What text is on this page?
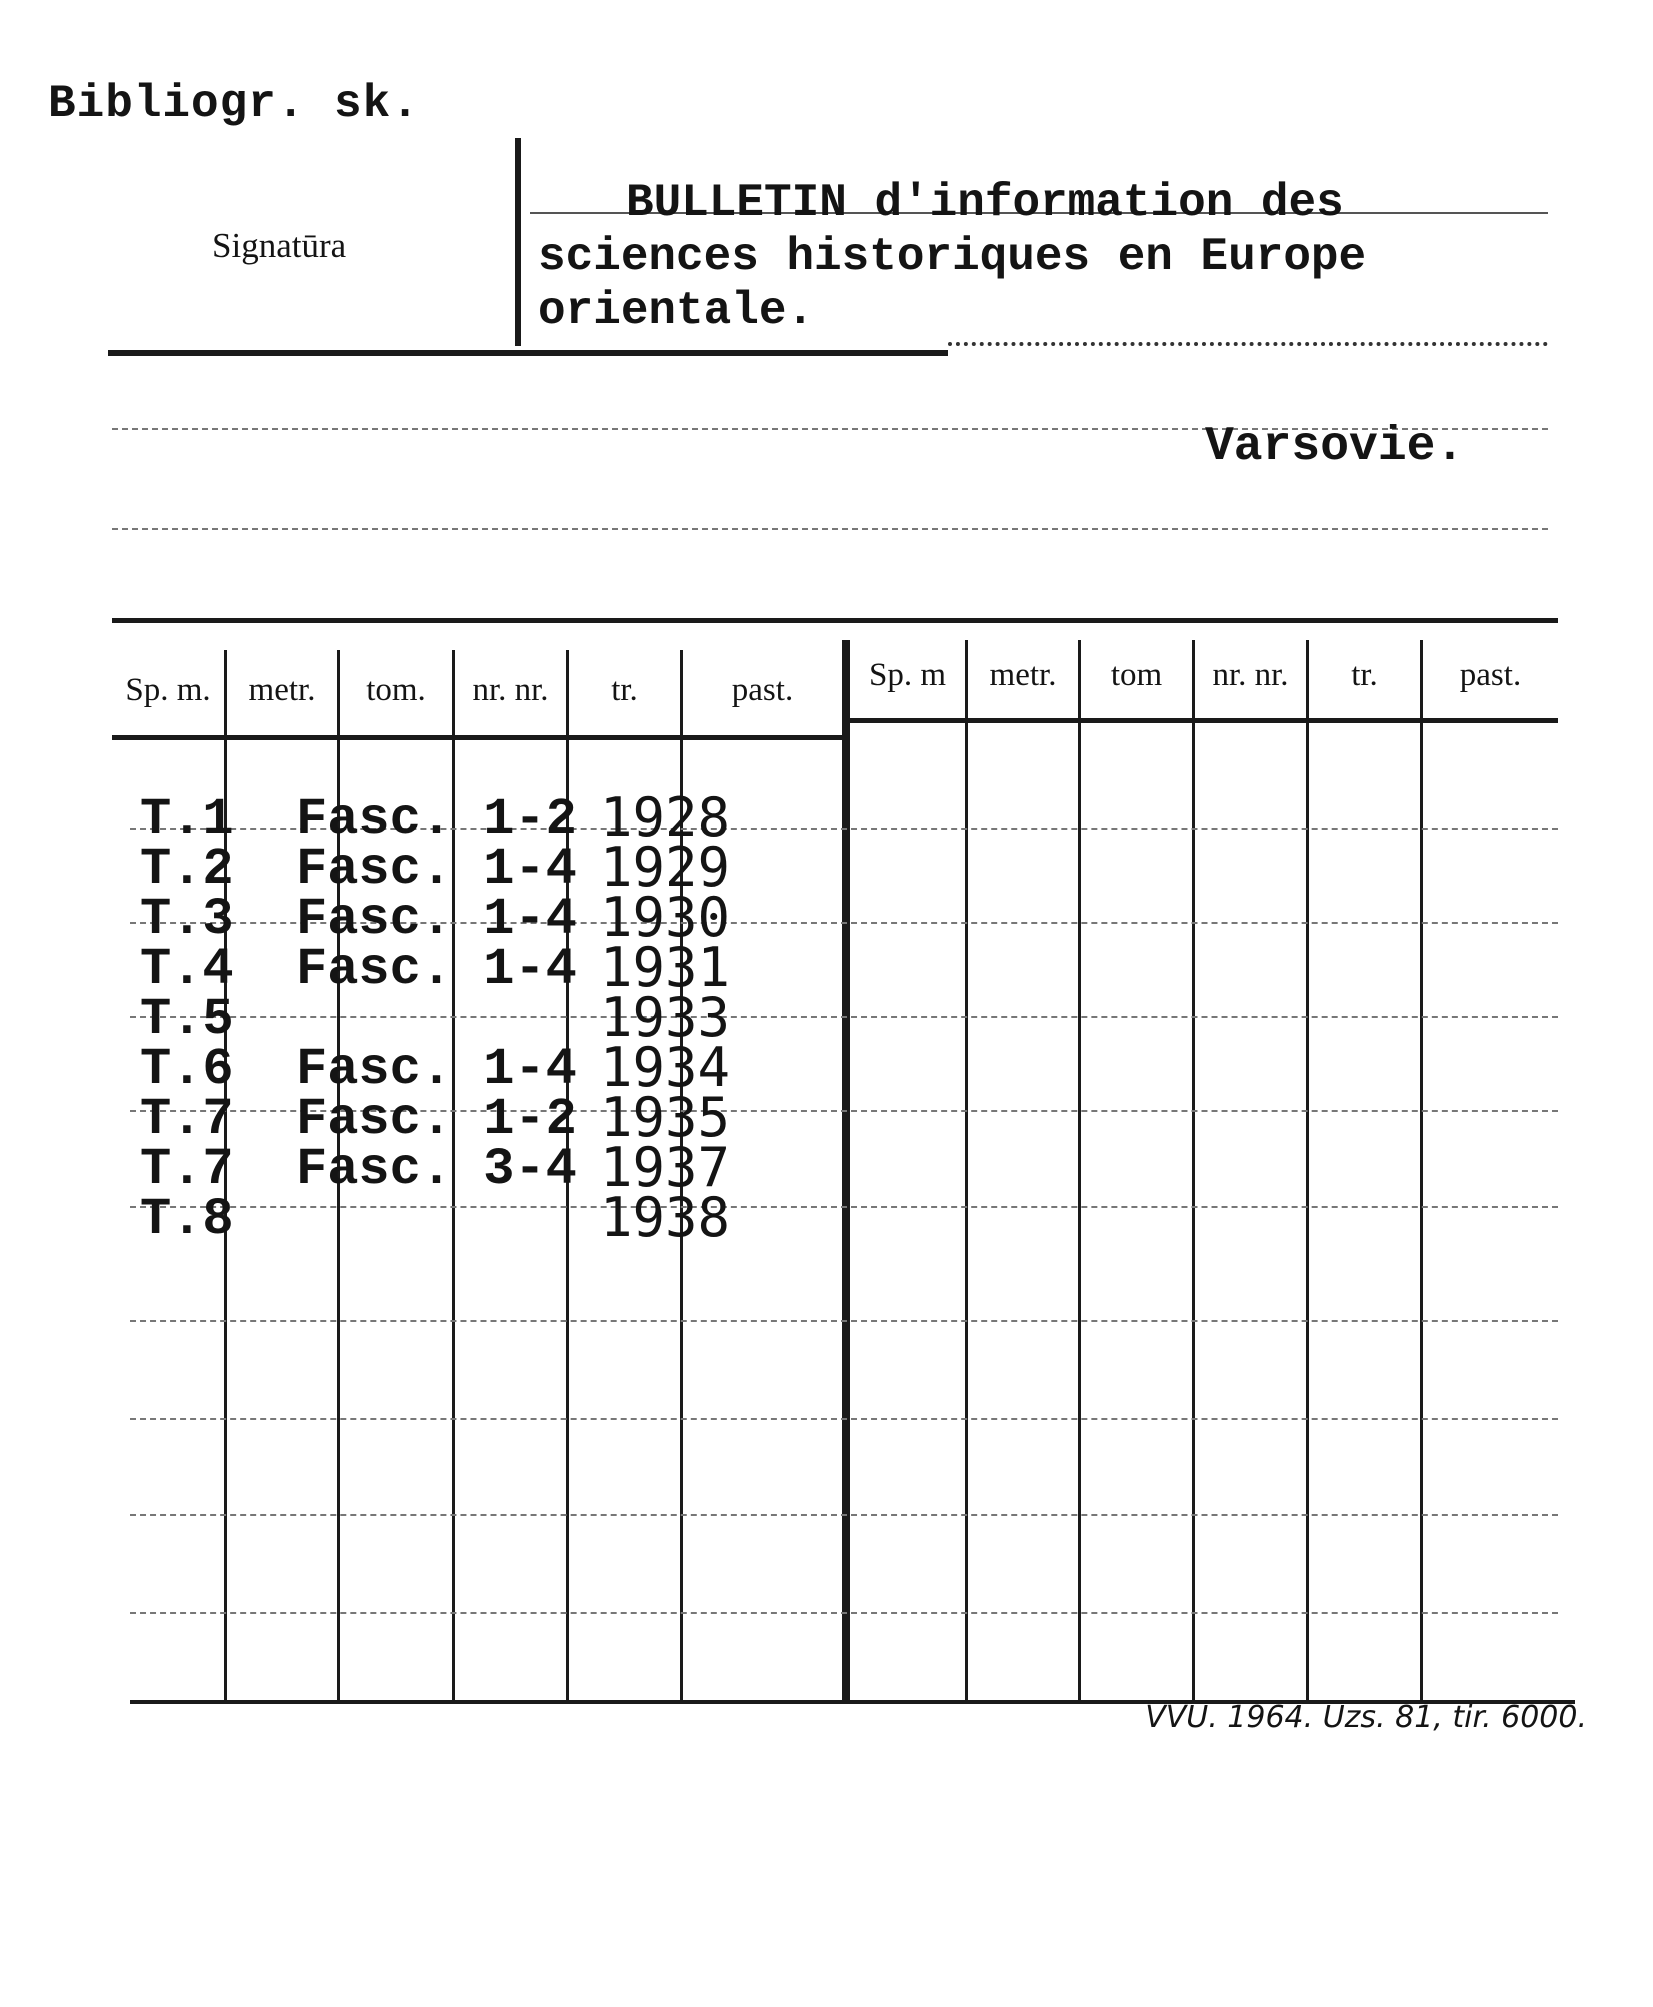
Bibliogr. sk.
Signatūra
BULLETIN d'information des
sciences historiques en Europe
orientale.
Varsovie.
Sp. m.	metr.	tom.	nr. nr.	tr.	past.	Sp. m	metr.	tom	nr. nr.	tr.	past.
T.1 Fasc. 1-2 1928
T.2 Fasc. 1-4 1929
T.3 Fasc. 1-4 1930
T.4 Fasc. 1-4 1931
T.5	1933
T.6 Fasc. 1-4 1934
T.7 Fasc. 1-2 1935
T.7 Fasc. 3-4 1937
T.8	1938
VVU. 1964. Uzs. 81, tir. 6000.
